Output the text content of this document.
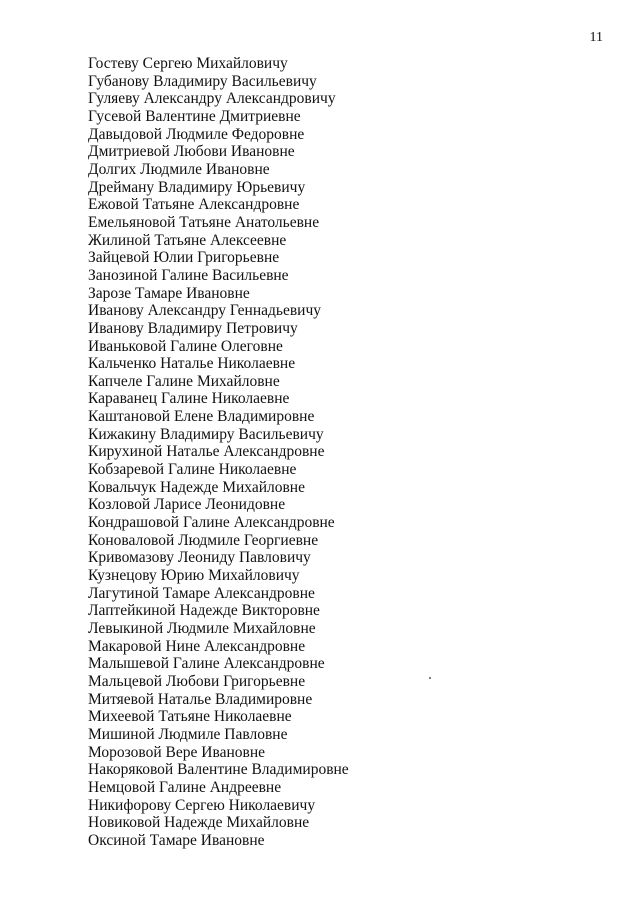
11
Гостеву Сергею Михайловичу
Губанову Владимиру Васильевичу
Гуляеву Александру Александровичу
Гусевой Валентине Дмитриевне
Давыдовой Людмиле Федоровне
Дмитриевой Любови Ивановне
Долгих Людмиле Ивановне
Дрейману Владимиру Юрьевичу
Ежовой Татьяне Александровне
Емельяновой Татьяне Анатольевне
Жилиной Татьяне Алексеевне
Зайцевой Юлии Григорьевне
Занозиной Галине Васильевне
Зарозе Тамаре Ивановне
Иванову Александру Геннадьевичу
Иванову Владимиру Петровичу
Иваньковой Галине Олеговне
Кальченко Наталье Николаевне
Капчеле Галине Михайловне
Караванец Галине Николаевне
Каштановой Елене Владимировне
Кижакину Владимиру Васильевичу
Кирухиной Наталье Александровне
Кобзаревой Галине Николаевне
Ковальчук Надежде Михайловне
Козловой Ларисе Леонидовне
Кондрашовой Галине Александровне
Коноваловой Людмиле Георгиевне
Кривомазову Леониду Павловичу
Кузнецову Юрию Михайловичу
Лагутиной Тамаре Александровне
Лаптейкиной Надежде Викторовне
Левыкиной Людмиле Михайловне
Макаровой Нине Александровне
Малышевой Галине Александровне
Мальцевой Любови Григорьевне
Митяевой Наталье Владимировне
Михеевой Татьяне Николаевне
Мишиной Людмиле Павловне
Морозовой Вере Ивановне
Накоряковой Валентине Владимировне
Немцовой Галине Андреевне
Никифорову Сергею Николаевичу
Новиковой Надежде Михайловне
Оксиной Тамаре Ивановне
